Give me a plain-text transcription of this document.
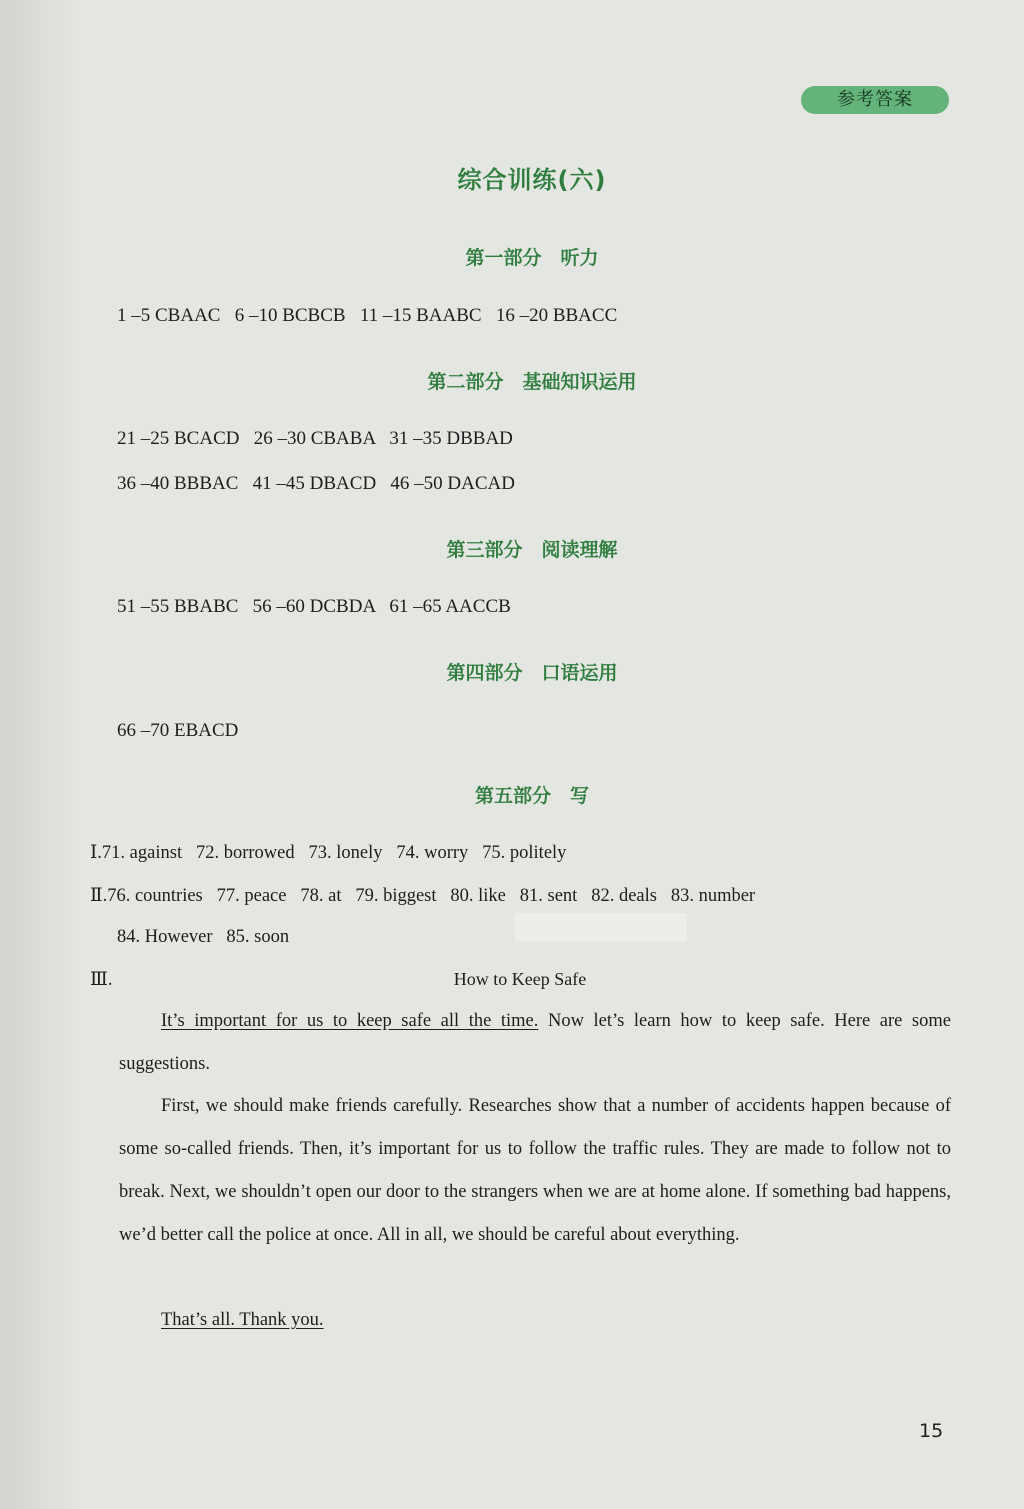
参考答案
综合训练(六)
第一部分　听力
1 –5 CBAAC   6 –10 BCBCB   11 –15 BAABC   16 –20 BBACC
第二部分　基础知识运用
21 –25 BCACD   26 –30 CBABA   31 –35 DBBAD
36 –40 BBBAC   41 –45 DBACD   46 –50 DACAD
第三部分　阅读理解
51 –55 BBABC   56 –60 DCBDA   61 –65 AACCB
第四部分　口语运用
66 –70 EBACD
第五部分　写
Ⅰ.71. against   72. borrowed   73. lonely   74. worry   75. politely
Ⅱ.76. countries   77. peace   78. at   79. biggest   80. like   81. sent   82. deals   83. number
84. However   85. soon
Ⅲ.	How to Keep Safe
It’s important for us to keep safe all the time. Now let’s learn how to keep safe. Here are some suggestions.
First, we should make friends carefully. Researches show that a number of accidents happen because of some so-called friends. Then, it’s important for us to follow the traffic rules. They are made to follow not to break. Next, we shouldn’t open our door to the strangers when we are at home alone. If something bad happens, we’d better call the police at once. All in all, we should be careful about everything.
That’s all. Thank you.
15
